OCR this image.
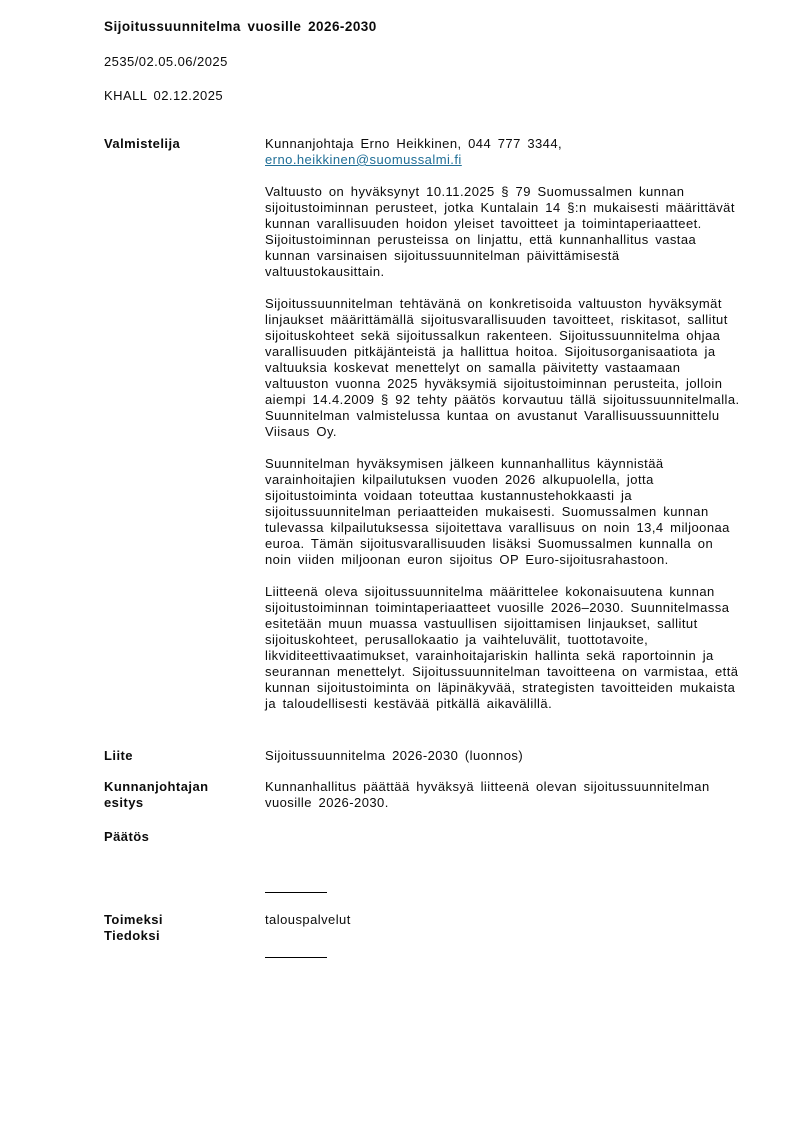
Sijoitussuunnitelma vuosille 2026-2030

2535/02.05.06/2025

KHALL 02.12.2025

Valmistelija	Kunnanjohtaja Erno Heikkinen, 044 777 3344,
erno.heikkinen@suomussalmi.fi

Valtuusto on hyväksynyt 10.11.2025 § 79 Suomussalmen kunnan sijoitustoiminnan perusteet, jotka Kuntalain 14 §:n mukaisesti määrittävät kunnan varallisuuden hoidon yleiset tavoitteet ja toimintaperiaatteet. Sijoitustoiminnan perusteissa on linjattu, että kunnanhallitus vastaa kunnan varsinaisen sijoitussuunnitelman päivittämisestä valtuustokausittain.

Sijoitussuunnitelman tehtävänä on konkretisoida valtuuston hyväksymät linjaukset määrittämällä sijoitusvarallisuuden tavoitteet, riskitasot, sallitut sijoituskohteet sekä sijoitussalkun rakenteen. Sijoitussuunnitelma ohjaa varallisuuden pitkäjänteistä ja hallittua hoitoa. Sijoitusorganisaatiota ja valtuuksia koskevat menettelyt on samalla päivitetty vastaamaan valtuuston vuonna 2025 hyväksymiä sijoitustoiminnan perusteita, jolloin aiempi 14.4.2009 § 92 tehty päätös korvautuu tällä sijoitussuunnitelmalla. Suunnitelman valmistelussa kuntaa on avustanut Varallisuussuunnittelu Viisaus Oy.

Suunnitelman hyväksymisen jälkeen kunnanhallitus käynnistää varainhoitajien kilpailutuksen vuoden 2026 alkupuolella, jotta sijoitustoiminta voidaan toteuttaa kustannustehokkaasti ja sijoitussuunnitelman periaatteiden mukaisesti. Suomussalmen kunnan tulevassa kilpailutuksessa sijoitettava varallisuus on noin 13,4 miljoonaa euroa. Tämän sijoitusvarallisuuden lisäksi Suomussalmen kunnalla on noin viiden miljoonan euron sijoitus OP Euro-sijoitusrahastoon.

Liitteenä oleva sijoitussuunnitelma määrittelee kokonaisuutena kunnan sijoitustoiminnan toimintaperiaatteet vuosille 2026–2030. Suunnitelmassa esitetään muun muassa vastuullisen sijoittamisen linjaukset, sallitut sijoituskohteet, perusallokaatio ja vaihteluvälit, tuottotavoite, likviditeettivaatimukset, varainhoitajariskin hallinta sekä raportoinnin ja seurannan menettelyt. Sijoitussuunnitelman tavoitteena on varmistaa, että kunnan sijoitustoiminta on läpinäkyvää, strategisten tavoitteiden mukaista ja taloudellisesti kestävää pitkällä aikavälillä.

Liite	Sijoitussuunnitelma 2026-2030 (luonnos)
Kunnanjohtajan esitys
Kunnanhallitus päättää hyväksyä liitteenä olevan sijoitussuunnitelman vuosille 2026-2030.
Päätös
Toimeksi
Tiedoksi
talouspalvelut
